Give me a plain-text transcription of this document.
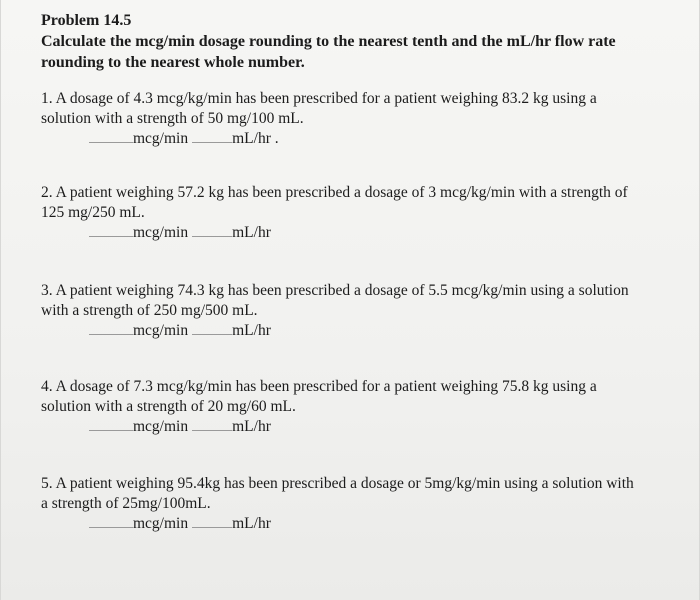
Problem 14.5
Calculate the mcg/min dosage rounding to the nearest tenth and the mL/hr flow rate
rounding to the nearest whole number.
1. A dosage of 4.3 mcg/kg/min has been prescribed for a patient weighing 83.2 kg using a
solution with a strength of 50 mg/100 mL.
mcg/min	mL/hr .
2. A patient weighing 57.2 kg has been prescribed a dosage of 3 mcg/kg/min with a strength of
125 mg/250 mL.
mcg/min	mL/hr
3. A patient weighing 74.3 kg has been prescribed a dosage of 5.5 mcg/kg/min using a solution
with a strength of 250 mg/500 mL.
mcg/min	mL/hr
4. A dosage of 7.3 mcg/kg/min has been prescribed for a patient weighing 75.8 kg using a
solution with a strength of 20 mg/60 mL.
mcg/min	mL/hr
5. A patient weighing 95.4kg has been prescribed a dosage or 5mg/kg/min using a solution with
a strength of 25mg/100mL.
mcg/min	mL/hr
